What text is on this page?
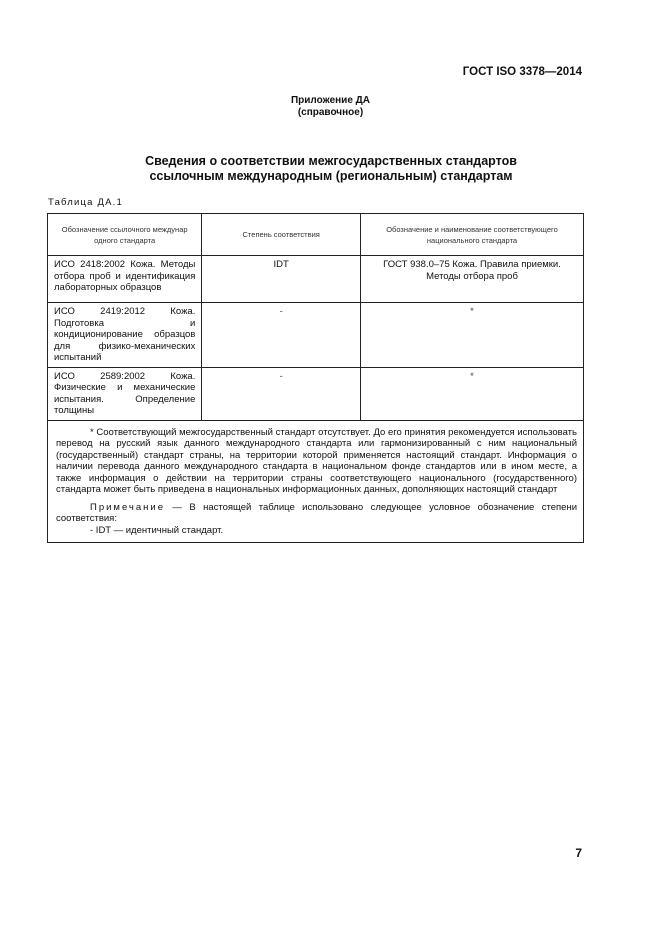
ГОСТ ISO 3378—2014
Приложение ДА
(справочное)
Сведения о соответствии межгосударственных стандартов
ссылочным международным (региональным) стандартам
Таблица ДА.1
Обозначение ссылочного междунар одного стандарта	Степень соответствия	Обозначение и наименование соответствующего национального стандарта
ИСО 2418:2002 Кожа. Методы отбора проб и идентификация лабораторных образцов	IDT	ГОСТ 938.0–75 Кожа. Правила приемки. Методы отбора проб
ИСО 2419:2012 Кожа. Подготовка и кондиционирование образцов для физико-механических испытаний	-	*
ИСО 2589:2002 Кожа. Физические и механические испытания. Определение толщины	-	*

* Соответствующий межгосударственный стандарт отсутствует. До его принятия рекомендуется использовать перевод на русский язык данного международного стандарта или гармонизированный с ним национальный (государственный) стандарт страны, на территории которой применяется настоящий стандарт. Информация о наличии перевода данного международного стандарта в национальном фонде стандартов или в ином месте, а также информация о действии на территории страны соответствующего национального (государственного) стандарта может быть приведена в национальных информационных данных, дополняющих настоящий стандарт

Примечание — В настоящей таблице использовано следующее условное обозначение степени соответствия:

- IDT — идентичный стандарт.		

7
